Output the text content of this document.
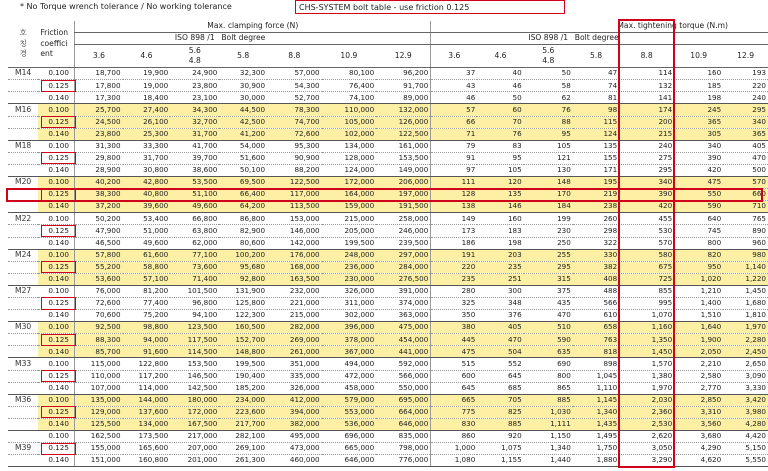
* No Torque wrench tolerance / No working tolerance	CHS-SYSTEM bolt table - use friction 0.125
호
칭
경	Friction
coeffici
ent	Max. clamping force (N)							Max. tightening torque (N.m)						
				ISO 898 /1	Bolt degree						ISO 898 /1	Bolt degree			
		3.6	4.6	5.6
4.8	5.8	8.8	10.9	12.9	3.6	4.6	5.6
4.8	5.8	8.8	10.9	12.9
M14	0.100	18,700	19,900	24,900	32,300	57,000	80,100	96,200	37	40	50	47	114	160	193
	0.125	17,800	19,000	23,800	30,900	54,300	76,400	91,700	43	46	58	74	132	185	220
	0.140	17,300	18,400	23,100	30,000	52,700	74,100	89,000	46	50	62	81	141	198	240
M16	0.100	25,700	27,400	34,300	44,500	78,300	110,000	132,000	57	60	76	98	174	245	295
	0.125	24,500	26,100	32,700	42,500	74,700	105,000	126,000	66	70	88	115	200	365	340
	0.140	23,800	25,300	31,700	41,200	72,600	102,000	122,500	71	76	95	124	215	305	365
M18	0.100	31,300	33,300	41,700	54,000	95,300	134,000	161,000	79	83	105	135	240	340	405
	0.125	29,800	31,700	39,700	51,600	90,900	128,000	153,500	91	95	121	155	275	390	470
	0.140	28,900	30,800	38,600	50,100	88,200	124,000	149,000	97	105	130	171	295	420	500
M20	0.100	40,200	42,800	53,500	69,500	122,500	172,000	206,000	111	120	148	195	340	475	570
	0.125	38,300	40,800	51,100	66,400	117,000	164,000	197,000	128	135	170	219	390	550	660
	0.140	37,200	39,600	49,600	64,200	113,500	159,000	191,500	138	146	184	238	420	590	710
M22	0.100	50,200	53,400	66,800	86,800	153,000	215,000	258,000	149	160	199	260	455	640	765
	0.125	47,900	51,000	63,800	82,900	146,000	205,000	246,000	173	183	230	298	530	745	890
	0.140	46,500	49,600	62,000	80,600	142,000	199,500	239,500	186	198	250	322	570	800	960
M24	0.100	57,800	61,600	77,100	100,200	176,000	248,000	297,000	191	203	255	330	580	820	980
	0.125	55,200	58,800	73,600	95,680	168,000	236,000	284,000	220	235	295	382	675	950	1,140
	0.140	53,600	57,100	71,400	92,800	163,500	230,000	276,500	235	251	315	408	725	1,020	1,220
M27	0.100	76,000	81,200	101,500	131,900	232,000	326,000	391,000	280	300	375	488	855	1,210	1,450
	0.125	72,600	77,400	96,800	125,800	221,000	311,000	374,000	325	348	435	566	995	1,400	1,680
	0.140	70,600	75,200	94,100	122,300	215,000	302,000	363,000	350	376	470	610	1,070	1,510	1,810
M30	0.100	92,500	98,800	123,500	160,500	282,000	396,000	475,000	380	405	510	658	1,160	1,640	1,970
	0.125	88,300	94,000	117,500	152,700	269,000	378,000	454,000	445	470	590	763	1,350	1,900	2,280
	0.140	85,700	91,600	114,500	148,800	261,000	367,000	441,000	475	504	635	818	1,450	2,050	2,450
M33	0.100	115,000	122,800	153,500	199,500	351,000	494,000	592,000	515	552	690	898	1,570	2,210	2,650
	0.125	110,000	117,200	146,500	190,400	335,000	472,000	566,000	600	645	800	1,045	1,380	2,580	3,090
	0.140	107,000	114,000	142,500	185,200	326,000	458,000	550,000	645	685	865	1,110	1,970	2,770	3,330
M36	0.100	135,000	144,000	180,000	234,000	412,000	579,000	695,000	665	705	885	1,145	2,030	2,850	3,420
	0.125	129,000	137,600	172,000	223,600	394,000	553,000	664,000	775	825	1,030	1,340	2,360	3,310	3,980
	0.140	125,500	134,000	167,500	217,700	382,000	536,000	646,000	830	885	1,111	1,435	2,530	3,560	4,280
	0.100	162,500	173,500	217,000	282,100	495,000	696,000	835,000	860	920	1,150	1,495	2,620	3,680	4,420
M39	0.125	155,000	165,600	207,000	269,100	473,000	665,000	798,000	1,000	1,075	1,340	1,750	3,050	4,290	5,150
	0.140	151,000	160,800	201,000	261,300	460,000	646,000	776,000	1,080	1,155	1,440	1,880	3,290	4,620	5,550
